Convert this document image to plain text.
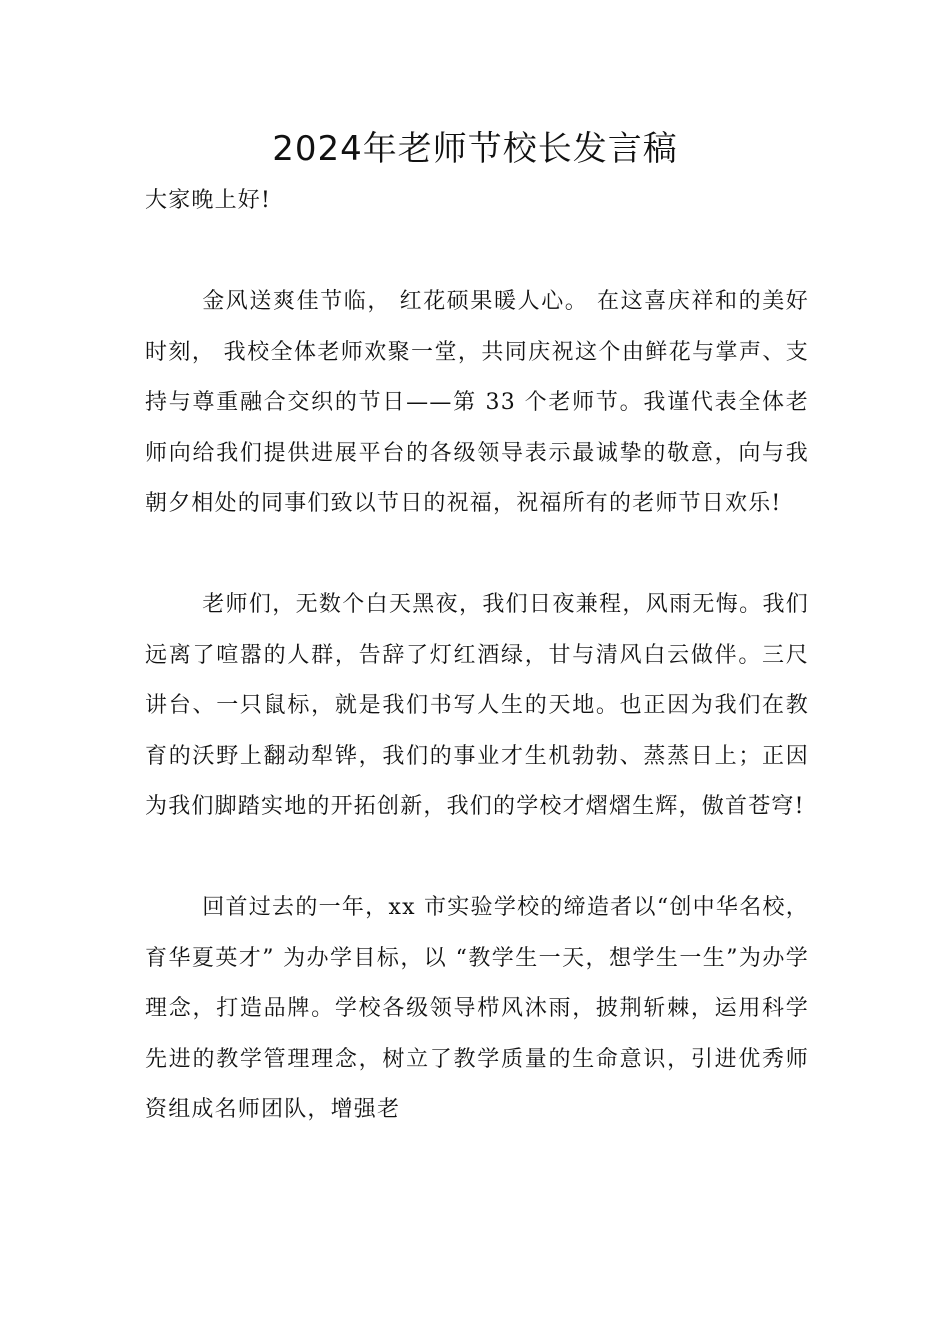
2024年老师节校长发言稿

大家晚上好!

金风送爽佳节临， 红花硕果暖人心。 在这喜庆祥和的美好时刻， 我校全体老师欢聚一堂，共同庆祝这个由鲜花与掌声、支持与尊重融合交织的节日——第 33 个老师节。我谨代表全体老师向给我们提供进展平台的各级领导表示最诚挚的敬意，向与我朝夕相处的同事们致以节日的祝福，祝福所有的老师节日欢乐!

老师们，无数个白天黑夜，我们日夜兼程，风雨无悔。我们远离了喧嚣的人群，告辞了灯红酒绿，甘与清风白云做伴。三尺讲台、一只鼠标，就是我们书写人生的天地。也正因为我们在教育的沃野上翻动犁铧，我们的事业才生机勃勃、蒸蒸日上；正因为我们脚踏实地的开拓创新，我们的学校才熠熠生辉，傲首苍穹!

回首过去的一年，xx 市实验学校的缔造者以“创中华名校，育华夏英才” 为办学目标，以 “教学生一天，想学生一生”为办学理念，打造品牌。学校各级领导栉风沐雨，披荆斩棘，运用科学先进的教学管理理念，树立了教学质量的生命意识，引进优秀师资组成名师团队，增强老
